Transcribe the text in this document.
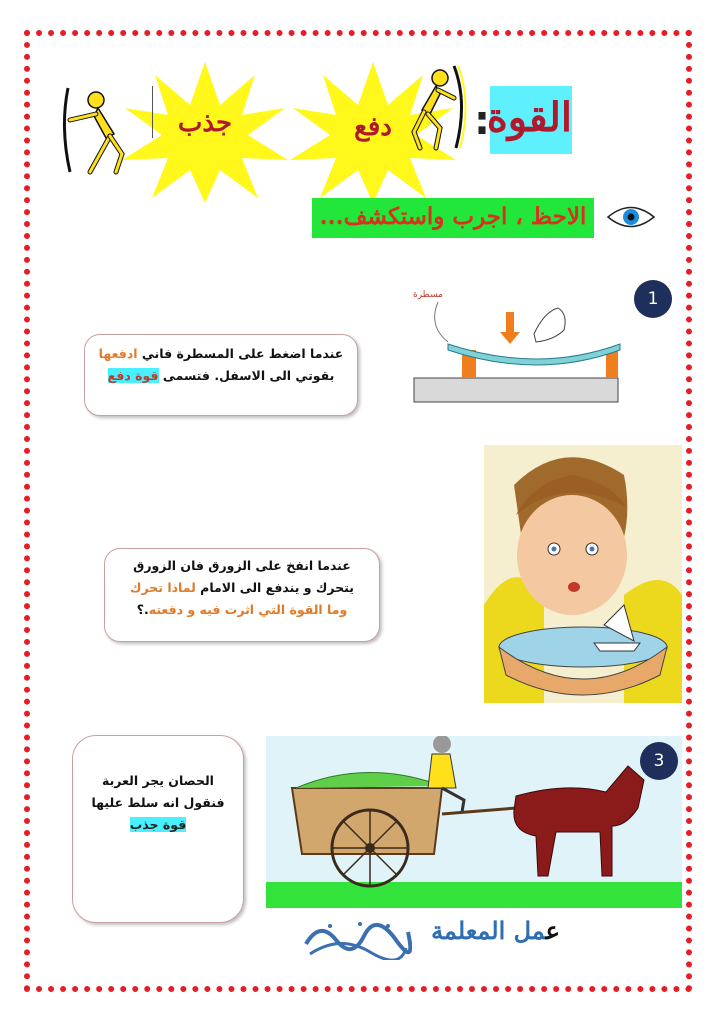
القوة
:
دفع
جذب
الاحظ ، اجرب واستكشف...
1
مسطرة
عندما اضغط على المسطرة فاني ادفعها
بقوتي الى الاسفل. فتسمى قوة دفع
عندما انفخ على الزورق فان الزورق
يتحرك و يندفع الى الامام لماذا تحرك
وما القوة التي اثرت فيه و دفعته.؟
3
الحصان يجر العربة
فنقول انه سلط عليها
قوة جذب
عمل المعلمة
